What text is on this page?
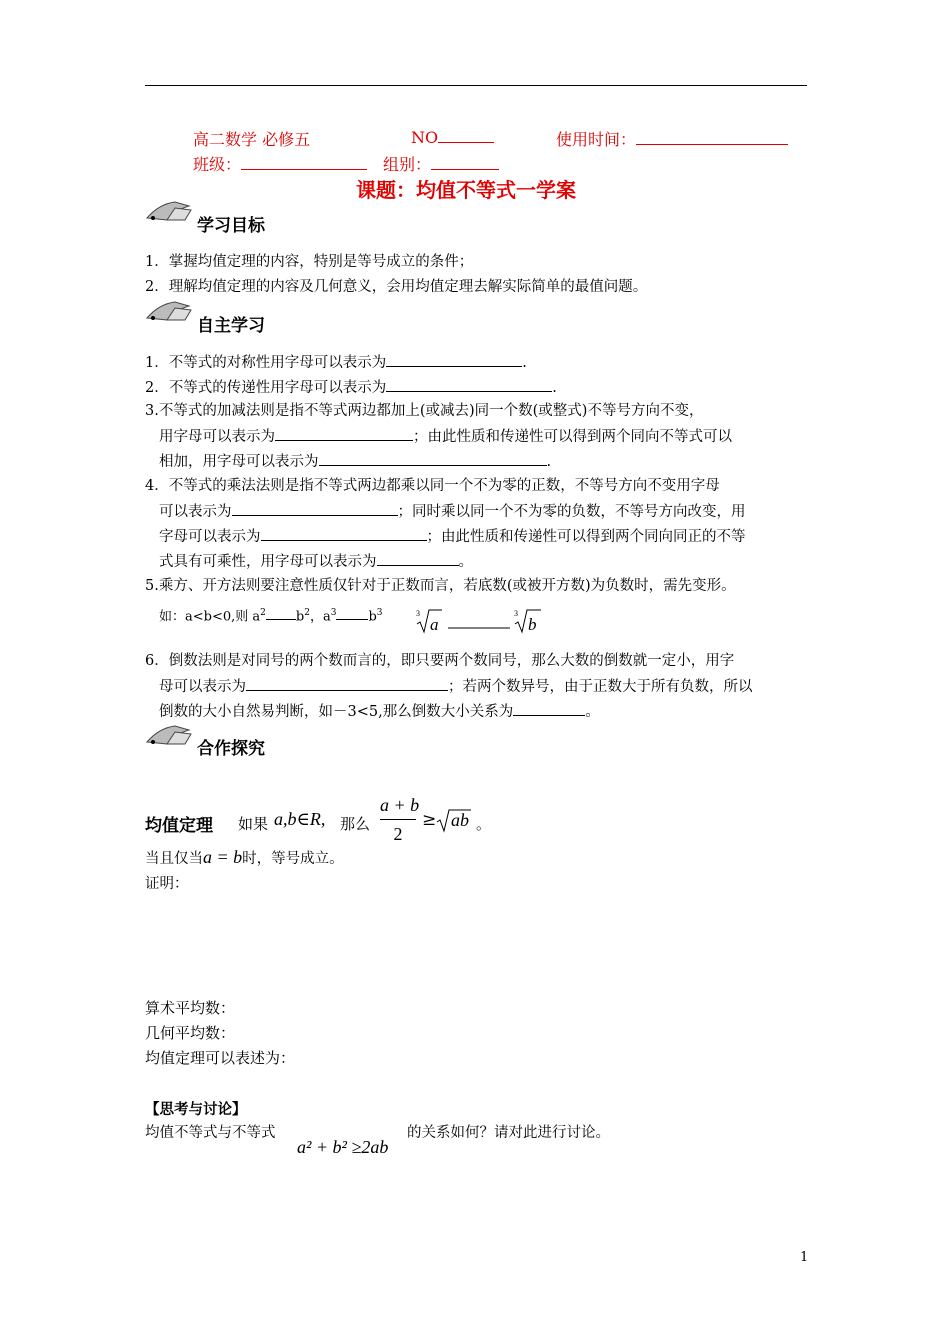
高二数学 必修五	NO	使用时间：
班级：	组别：
课题：均值不等式一学案
学习目标
1．掌握均值定理的内容，特别是等号成立的条件；
2．理解均值定理的内容及几何意义，会用均值定理去解实际简单的最值问题。
自主学习
1．不等式的对称性用字母可以表示为	.
2．不等式的传递性用字母可以表示为	.
3.不等式的加减法则是指不等式两边都加上(或减去)同一个数(或整式)不等号方向不变，
用字母可以表示为	；由此性质和传递性可以得到两个同向不等式可以
相加，用字母可以表示为	.
4．不等式的乘法法则是指不等式两边都乘以同一个不为零的正数，不等号方向不变用字母
可以表示为	；同时乘以同一个不为零的负数，不等号方向改变，用
字母可以表示为	；由此性质和传递性可以得到两个同向同正的不等
式具有可乘性，用字母可以表示为	。
5.乘方、开方法则要注意性质仅针对于正数而言，若底数(或被开方数)为负数时，需先变形。
如：a<b<0,则 $a^2$ $b^2$，$a^3$ $b^3$	3
a
3
b
6．倒数法则是对同号的两个数而言的，即只要两个数同号，那么大数的倒数就一定小，用字
母可以表示为	；若两个数异号，由于正数大于所有负数，所以
倒数的大小自然易判断，如－3<5,那么倒数大小关系为	。
合作探究
均值定理 如果 a,b∈R, 那么
a + b
2
≥ ab 。
当且仅当a = b时，等号成立。
证明：
算术平均数：
几何平均数：
均值定理可以表述为：
【思考与讨论】
均值不等式与不等式
a² + b² ≥2ab
的关系如何？请对此进行讨论。
1
